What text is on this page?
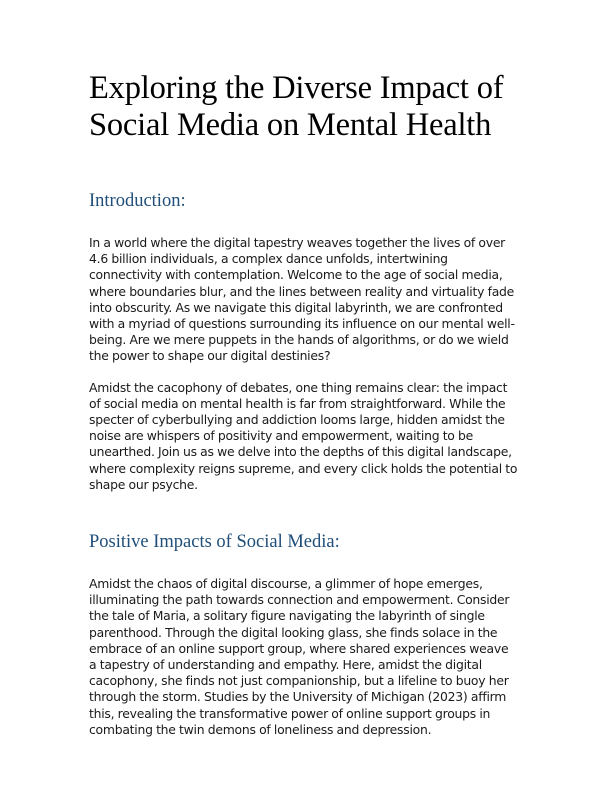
Exploring the Diverse Impact of Social Media on Mental Health
Introduction:

In a world where the digital tapestry weaves together the lives of over 4.6 billion individuals, a complex dance unfolds, intertwining connectivity with contemplation. Welcome to the age of social media, where boundaries blur, and the lines between reality and virtuality fade into obscurity. As we navigate this digital labyrinth, we are confronted with a myriad of questions surrounding its influence on our mental well-being. Are we mere puppets in the hands of algorithms, or do we wield the power to shape our digital destinies?

Amidst the cacophony of debates, one thing remains clear: the impact of social media on mental health is far from straightforward. While the specter of cyberbullying and addiction looms large, hidden amidst the noise are whispers of positivity and empowerment, waiting to be unearthed. Join us as we delve into the depths of this digital landscape, where complexity reigns supreme, and every click holds the potential to shape our psyche.

Positive Impacts of Social Media:

Amidst the chaos of digital discourse, a glimmer of hope emerges, illuminating the path towards connection and empowerment. Consider the tale of Maria, a solitary figure navigating the labyrinth of single parenthood. Through the digital looking glass, she finds solace in the embrace of an online support group, where shared experiences weave a tapestry of understanding and empathy. Here, amidst the digital cacophony, she finds not just companionship, but a lifeline to buoy her through the storm. Studies by the University of Michigan (2023) affirm this, revealing the transformative power of online support groups in combating the twin demons of loneliness and depression.
